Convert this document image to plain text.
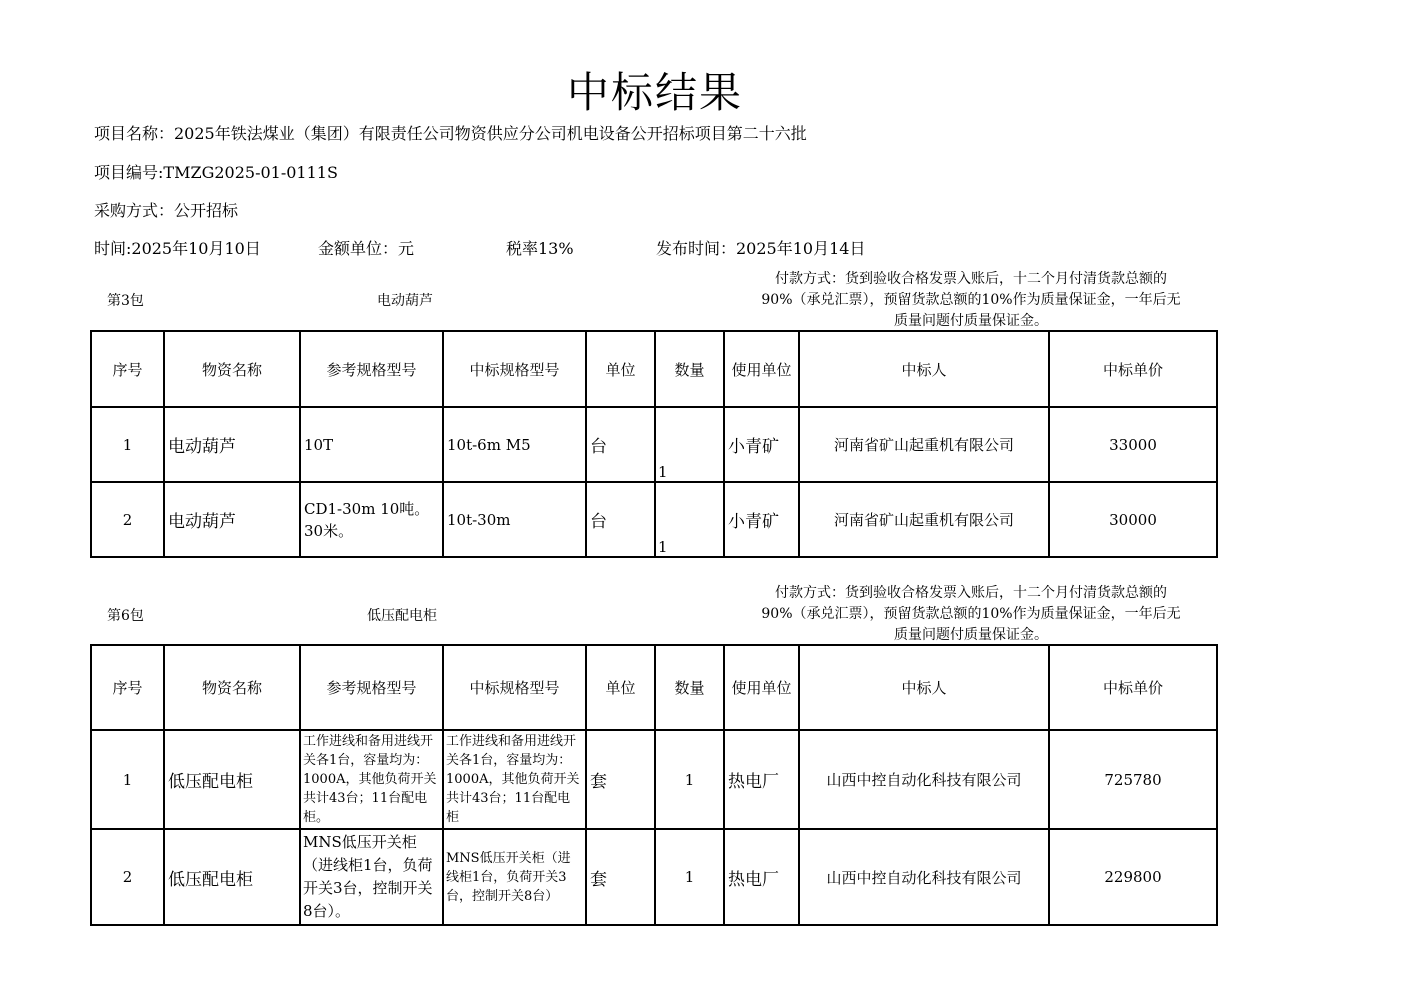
中标结果
项目名称：2025年铁法煤业（集团）有限责任公司物资供应分公司机电设备公开招标项目第二十六批
项目编号:TMZG2025-01-0111S
采购方式：公开招标
时间:2025年10月10日	金额单位：元	税率13%	发布时间：2025年10月14日
第3包	电动葫芦
付款方式：货到验收合格发票入账后，十二个月付清货款总额的
90%（承兑汇票），预留货款总额的10%作为质量保证金，一年后无
质量问题付质量保证金。
序号	物资名称	参考规格型号	中标规格型号	单位	数量	使用单位	中标人	中标单价
1	电动葫芦	10T	10t-6m M5	台	1	小青矿	河南省矿山起重机有限公司	33000
2	电动葫芦	CD1-30m 10吨。30米。	10t-30m	台	1	小青矿	河南省矿山起重机有限公司	30000
第6包	低压配电柜
付款方式：货到验收合格发票入账后，十二个月付清货款总额的
90%（承兑汇票），预留货款总额的10%作为质量保证金，一年后无
质量问题付质量保证金。
序号	物资名称	参考规格型号	中标规格型号	单位	数量	使用单位	中标人	中标单价
1	低压配电柜	工作进线和备用进线开关各1台，容量均为：1000A，其他负荷开关共计43台；11台配电柜。	工作进线和备用进线开关各1台，容量均为：1000A，其他负荷开关共计43台；11台配电柜	套	1	热电厂	山西中控自动化科技有限公司	725780
2	低压配电柜	MNS低压开关柜（进线柜1台，负荷开关3台，控制开关8台）。	MNS低压开关柜（进线柜1台，负荷开关3台，控制开关8台）	套	1	热电厂	山西中控自动化科技有限公司	229800
